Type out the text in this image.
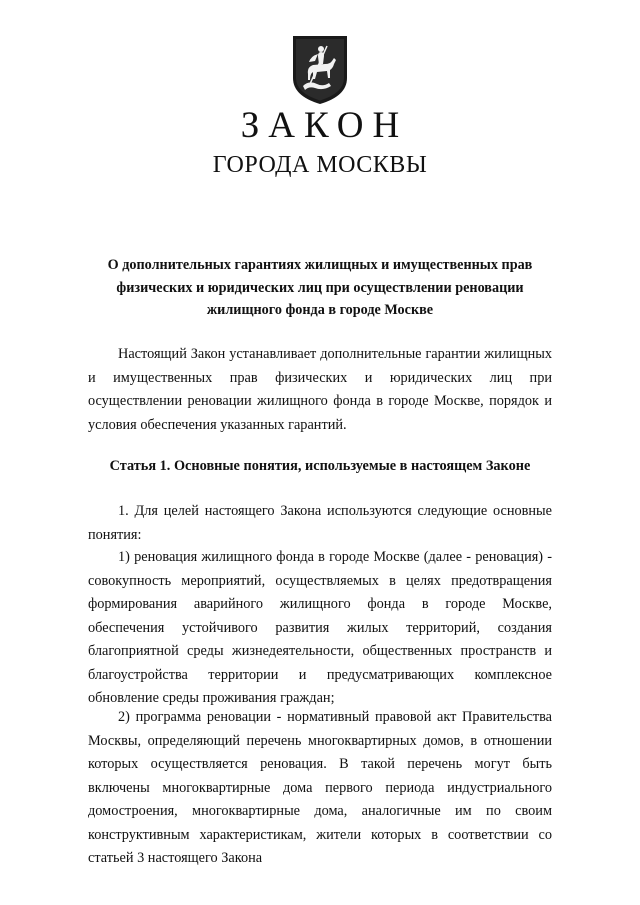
ЗАКОН
ГОРОДА МОСКВЫ
О дополнительных гарантиях жилищных и имущественных прав физических и юридических лиц при осуществлении реновации жилищного фонда в городе Москве

Настоящий Закон устанавливает дополнительные гарантии жилищных и имущественных прав физических и юридических лиц при осуществлении реновации жилищного фонда в городе Москве, порядок и условия обеспечения указанных гарантий.

Статья 1. Основные понятия, используемые в настоящем Законе

1. Для целей настоящего Закона используются следующие основные понятия:

1) реновация жилищного фонда в городе Москве (далее - реновация) - совокупность мероприятий, осуществляемых в целях предотвращения формирования аварийного жилищного фонда в городе Москве, обеспечения устойчивого развития жилых территорий, создания благоприятной среды жизнедеятельности, общественных пространств и благоустройства территории и предусматривающих комплексное обновление среды проживания граждан;

2) программа реновации - нормативный правовой акт Правительства Москвы, определяющий перечень многоквартирных домов, в отношении которых осуществляется реновация. В такой перечень могут быть включены многоквартирные дома первого периода индустриального домостроения, многоквартирные дома, аналогичные им по своим конструктивным характеристикам, жители которых в соответствии со статьей 3 настоящего Закона
